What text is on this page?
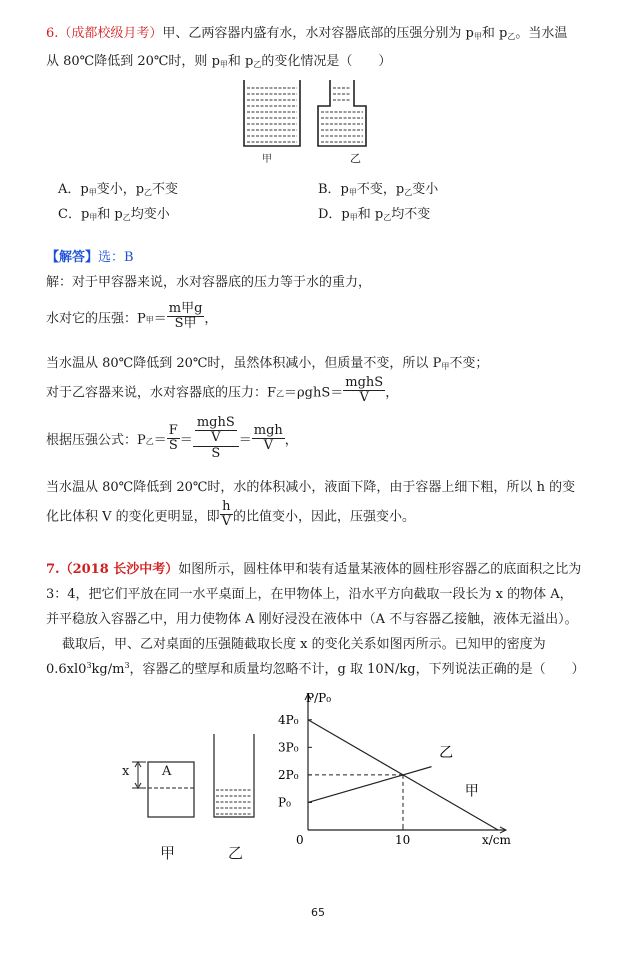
6.（成都校级月考）甲、乙两容器内盛有水，水对容器底部的压强分别为 $p_甲$和 $p_乙$。当水温
从 80℃降低到 20℃时，则 $p_甲$和 $p_乙$的变化情况是（　　）
甲	乙
A．$p_甲$变小，$p_乙$不变	B．$p_甲$不变，$p_乙$变小
C．$p_甲$和 $p_乙$均变小	D．$p_甲$和 $p_乙$均不变
【解答】选：B
解：对于甲容器来说，水对容器底的压力等于水的重力，
水对它的压强：$P_甲= \frac{\text{m甲g}}{\text{S甲}}$ ，
当水温从 80℃降低到 20℃时，虽然体积减小，但质量不变，所以 $P_甲$不变；
对于乙容器来说，水对容器底的压力：$F_乙=\rho ghS= \frac{\text{mghS}}{V}$ ，
根据压强公式：$P_乙= \frac{F}{S} = \frac{\frac{\text{mghS}}{V}}{S} = \frac{\text{mgh}}{V}$ ，
当水温从 80℃降低到 20℃时，水的体积减小，液面下降，由于容器上细下粗，所以 h 的变
化比体积 V 的变化更明显，即 $\frac{h}{V}$ 的比值变小，因此，压强变小。
7.（2018 长沙中考）如图所示，圆柱体甲和装有适量某液体的圆柱形容器乙的底面积之比为
3：4，把它们平放在同一水平桌面上，在甲物体上，沿水平方向截取一段长为 x 的物体 A，
并平稳放入容器乙中，用力使物体 A 刚好浸没在液体中（A 不与容器乙接触，液体无溢出）。
截取后，甲、乙对桌面的压强随截取长度 x 的变化关系如图丙所示。已知甲的密度为
$0.6xl0^3kg/m^3$，容器乙的壁厚和质量均忽略不计，g 取 10N/kg，下列说法正确的是（　　）
x	A
甲	乙
P/P₀
x/cm
0
4P₀
3P₀
2P₀
P₀
10
甲
乙
65
